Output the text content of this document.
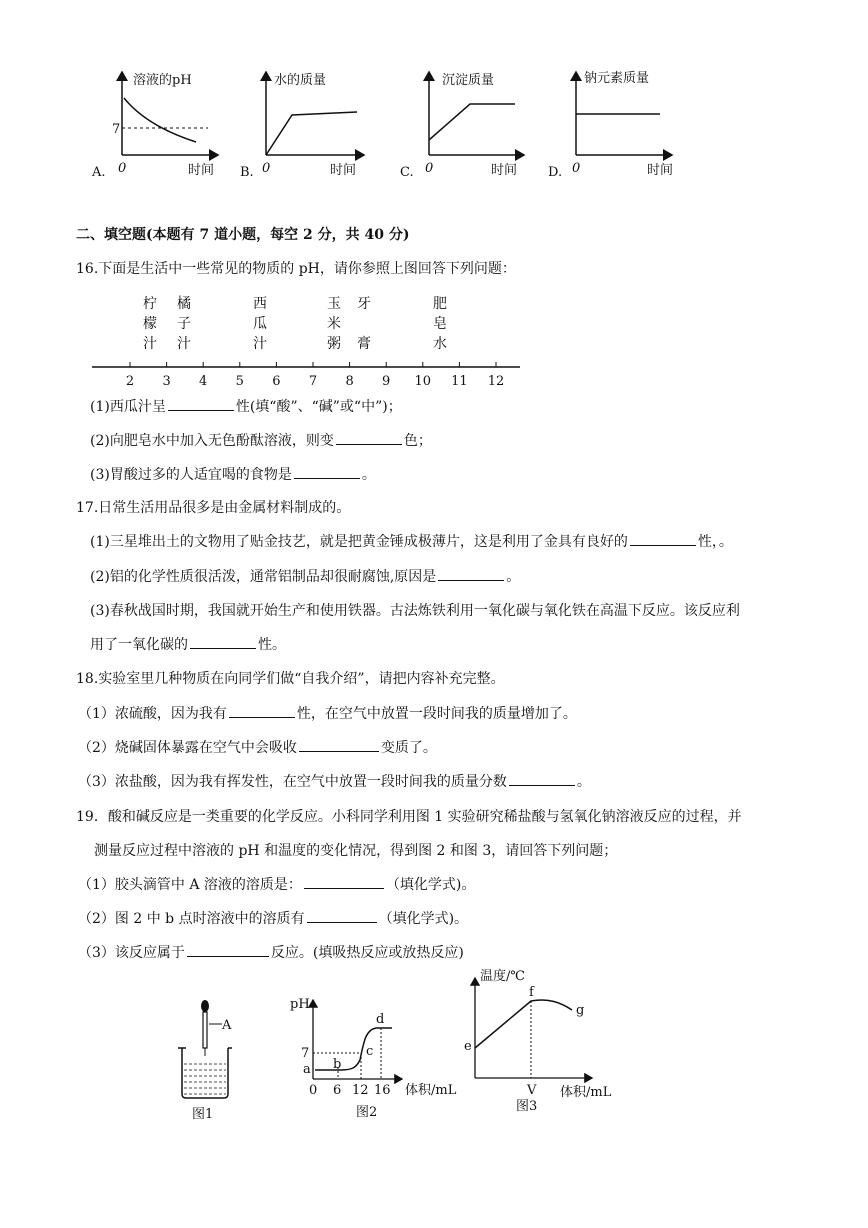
溶液的pH
7
0	时间
A.
水的质量
0	时间
B.
沉淀质量
0	时间
C.
钠元素质量
0	时间
D.
二、填空题(本题有 7 道小题，每空 2 分，共 40 分)
16.下面是生活中一些常见的物质的 pH，请你参照上图回答下列问题：
柠
檬
汁
橘
子
汁
西
瓜
汁
玉
米
粥
牙
膏
肥
皂
水
2 3 4 5 6 7 8 9 10 11 12
(1)西瓜汁呈	性(填“酸”、“碱”或“中”)；
(2)向肥皂水中加入无色酚酞溶液，则变	色；
(3)胃酸过多的人适宜喝的食物是	。
17.日常生活用品很多是由金属材料制成的。
(1)三星堆出土的文物用了贴金技艺，就是把黄金锤成极薄片，这是利用了金具有良好的	性，。
(2)铝的化学性质很活泼，通常铝制品却很耐腐蚀,原因是	。
(3)春秋战国时期，我国就开始生产和使用铁器。古法炼铁利用一氧化碳与氧化铁在高温下反应。该反应利
用了一氧化碳的	性。
18.实验室里几种物质在向同学们做“自我介绍”，请把内容补充完整。
（1）浓硫酸，因为我有	性，在空气中放置一段时间我的质量增加了。
（2）烧碱固体暴露在空气中会吸收	变质了。
（3）浓盐酸，因为我有挥发性，在空气中放置一段时间我的质量分数	。
19．酸和碱反应是一类重要的化学反应。小科同学利用图 1 实验研究稀盐酸与氢氧化钠溶液反应的过程，并
测量反应过程中溶液的 pH 和温度的变化情况，得到图 2 和图 3，请回答下列问题；
（1）胶头滴管中 A 溶液的溶质是：	（填化学式)。
（2）图 2 中 b 点时溶液中的溶质有	（填化学式)。
（3）该反应属于	反应。(填吸热反应或放热反应)
A
图1
pH
7
a b
c
d
0 6 12 16 体积/mL
图2
温度/℃
e
f
g
V 体积/mL
图3
